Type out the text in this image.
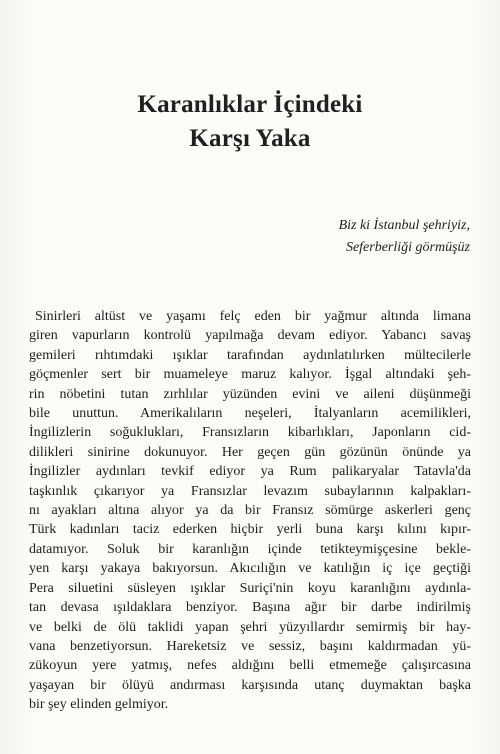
Karanlıklar İçindeki
Karşı Yaka
Biz ki İstanbul şehriyiz,
Seferberliği görmüşüz
Sinirleri altüst ve yaşamı felç eden bir yağmur altında limana
giren vapurların kontrolü yapılmağa devam ediyor. Yabancı savaş
gemileri rıhtımdaki ışıklar tarafından aydınlatılırken mültecilerle
göçmenler sert bir muameleye maruz kalıyor. İşgal altındaki şeh-
rin nöbetini tutan zırhlılar yüzünden evini ve aileni düşünmeği
bile unuttun. Amerikalıların neşeleri, İtalyanların acemilikleri,
İngilizlerin soğuklukları, Fransızların kibarlıkları, Japonların cid-
dilikleri sinirine dokunuyor. Her geçen gün gözünün önünde ya
İngilizler aydınları tevkif ediyor ya Rum palikaryalar Tatavla'da
taşkınlık çıkarıyor ya Fransızlar levazım subaylarının kalpakları-
nı ayakları altına alıyor ya da bir Fransız sömürge askerleri genç
Türk kadınları taciz ederken hiçbir yerli buna karşı kılını kıpır-
datamıyor. Soluk bir karanlığın içinde tetikteymişçesine bekle-
yen karşı yakaya bakıyorsun. Akıcılığın ve katılığın iç içe geçtiği
Pera siluetini süsleyen ışıklar Suriçi'nin koyu karanlığını aydınla-
tan devasa ışıldaklara benziyor. Başına ağır bir darbe indirilmiş
ve belki de ölü taklidi yapan şehri yüzyıllardır semirmiş bir hay-
vana benzetiyorsun. Hareketsiz ve sessiz, başını kaldırmadan yü-
zükoyun yere yatmış, nefes aldığını belli etmemeğe çalışırcasına
yaşayan bir ölüyü andırması karşısında utanç duymaktan başka
bir şey elinden gelmiyor.
